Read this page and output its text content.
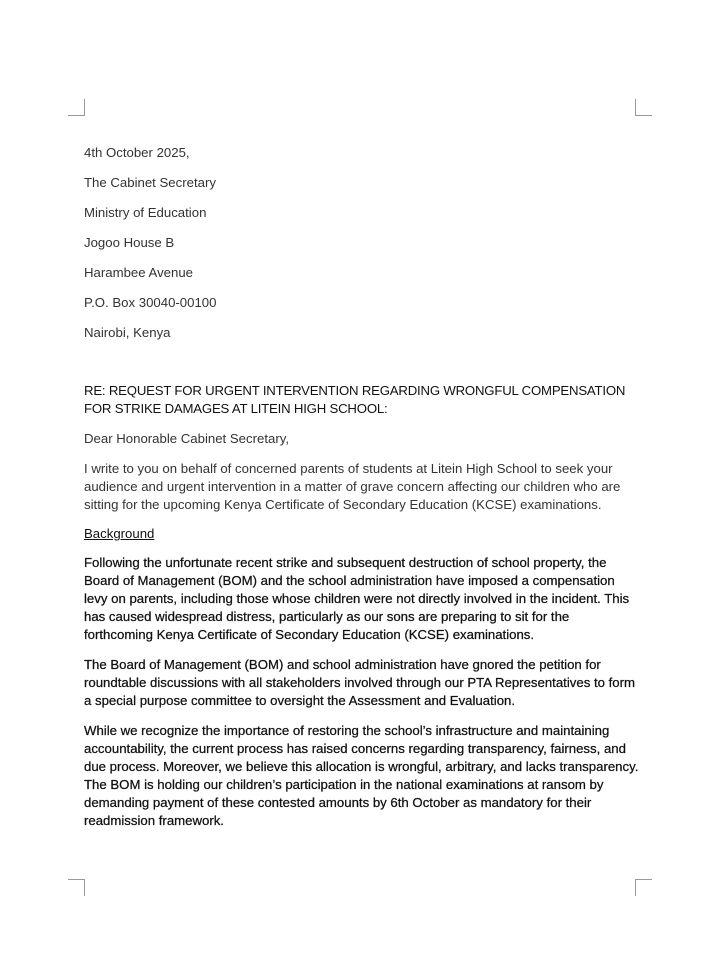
4th October 2025,

The Cabinet Secretary

Ministry of Education

Jogoo House B

Harambee Avenue

P.O. Box 30040-00100

Nairobi, Kenya

RE: REQUEST FOR URGENT INTERVENTION REGARDING WRONGFUL COMPENSATION FOR STRIKE DAMAGES AT LITEIN HIGH SCHOOL:

Dear Honorable Cabinet Secretary,

I write to you on behalf of concerned parents of students at Litein High School to seek your audience and urgent intervention in a matter of grave concern affecting our children who are sitting for the upcoming Kenya Certificate of Secondary Education (KCSE) examinations.

Background

Following the unfortunate recent strike and subsequent destruction of school property, the Board of Management (BOM) and the school administration have imposed a compensation levy on parents, including those whose children were not directly involved in the incident. This has caused widespread distress, particularly as our sons are preparing to sit for the forthcoming Kenya Certificate of Secondary Education (KCSE) examinations.

The Board of Management (BOM) and school administration have gnored the petition for roundtable discussions with all stakeholders involved through our PTA Representatives to form a special purpose committee to oversight the Assessment and Evaluation.

While we recognize the importance of restoring the school’s infrastructure and maintaining accountability, the current process has raised concerns regarding transparency, fairness, and due process. Moreover, we believe this allocation is wrongful, arbitrary, and lacks transparency. The BOM is holding our children’s participation in the national examinations at ransom by demanding payment of these contested amounts by 6th October as mandatory for their readmission framework.
